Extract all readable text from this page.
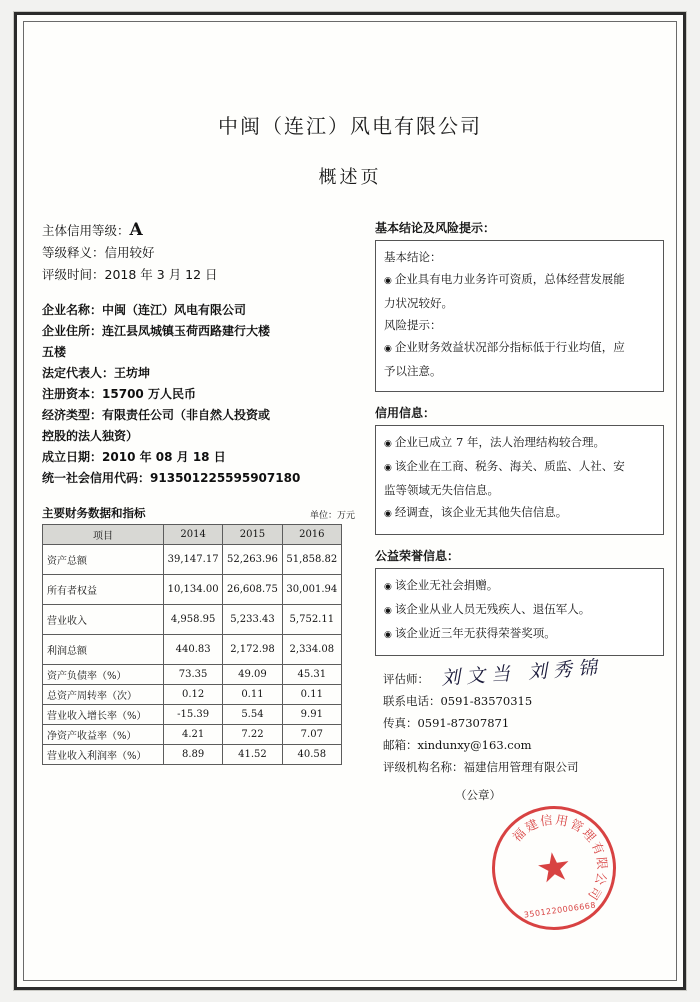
中闽（连江）风电有限公司
概述页
主体信用等级：A
等级释义：信用较好
评级时间：2018 年 3 月 12 日
企业名称：中闽（连江）风电有限公司
企业住所：连江县凤城镇玉荷西路建行大楼
五楼
法定代表人：王坊坤
注册资本：15700 万人民币
经济类型：有限责任公司（非自然人投资或
控股的法人独资）
成立日期：2010 年 08 月 18 日
统一社会信用代码：913501225595907180
主要财务数据和指标	单位：万元
项目	2014	2015	2016
资产总额	39,147.17	52,263.96	51,858.82
所有者权益	10,134.00	26,608.75	30,001.94
营业收入	4,958.95	5,233.43	5,752.11
利润总额	440.83	2,172.98	2,334.08
资产负债率（%）	73.35	49.09	45.31
总资产周转率（次）	0.12	0.11	0.11
营业收入增长率（%）	-15.39	5.54	9.91
净资产收益率（%）	4.21	7.22	7.07
营业收入利润率（%）	8.89	41.52	40.58
基本结论及风险提示：
基本结论：
◉ 企业具有电力业务许可资质，总体经营发展能
力状况较好。
风险提示：
◉ 企业财务效益状况部分指标低于行业均值，应
予以注意。
信用信息：
◉ 企业已成立 7 年，法人治理结构较合理。
◉ 该企业在工商、税务、海关、质监、人社、安
监等领域无失信信息。
◉ 经调查，该企业无其他失信信息。
公益荣誉信息：
◉ 该企业无社会捐赠。
◉ 该企业从业人员无残疾人、退伍军人。
◉ 该企业近三年无获得荣誉奖项。
刘文当 刘秀锦
评估师：
联系电话：0591-83570315
传真：0591-87307871
邮箱：xindunxy@163.com
评级机构名称：福建信用管理有限公司
（公章）
福建信用管理有限公司
★
3501220006668
